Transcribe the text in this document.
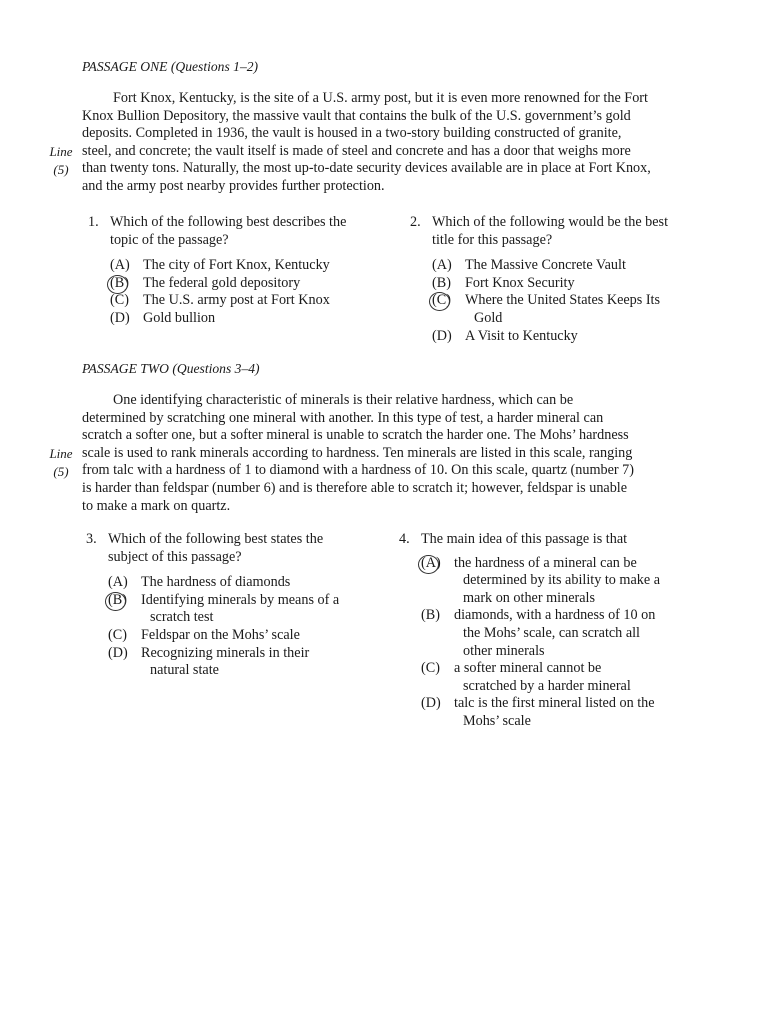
PASSAGE ONE (Questions 1–2)
Fort Knox, Kentucky, is the site of a U.S. army post, but it is even more renowned for the Fort
Knox Bullion Depository, the massive vault that contains the bulk of the U.S. government’s gold
deposits. Completed in 1936, the vault is housed in a two-story building constructed of granite,
steel, and concrete; the vault itself is made of steel and concrete and has a door that weighs more
than twenty tons. Naturally, the most up-to-date security devices available are in place at Fort Knox,
and the army post nearby provides further protection.
Line
(5)
1. Which of the following best describes the
topic of the passage?
(A) The city of Fort Knox, Kentucky
(B) The federal gold depository
(C) The U.S. army post at Fort Knox
(D) Gold bullion
2. Which of the following would be the best
title for this passage?
(A) The Massive Concrete Vault
(B) Fort Knox Security
(C) Where the United States Keeps Its
Gold
(D) A Visit to Kentucky
PASSAGE TWO (Questions 3–4)
One identifying characteristic of minerals is their relative hardness, which can be
determined by scratching one mineral with another. In this type of test, a harder mineral can
scratch a softer one, but a softer mineral is unable to scratch the harder one. The Mohs’ hardness
scale is used to rank minerals according to hardness. Ten minerals are listed in this scale, ranging
from talc with a hardness of 1 to diamond with a hardness of 10. On this scale, quartz (number 7)
is harder than feldspar (number 6) and is therefore able to scratch it; however, feldspar is unable
to make a mark on quartz.
Line
(5)
3. Which of the following best states the
subject of this passage?
(A) The hardness of diamonds
(B) Identifying minerals by means of a
scratch test
(C) Feldspar on the Mohs’ scale
(D) Recognizing minerals in their
natural state
4. The main idea of this passage is that
(A) the hardness of a mineral can be
determined by its ability to make a
mark on other minerals
(B) diamonds, with a hardness of 10 on
the Mohs’ scale, can scratch all
other minerals
(C) a softer mineral cannot be
scratched by a harder mineral
(D) talc is the first mineral listed on the
Mohs’ scale
